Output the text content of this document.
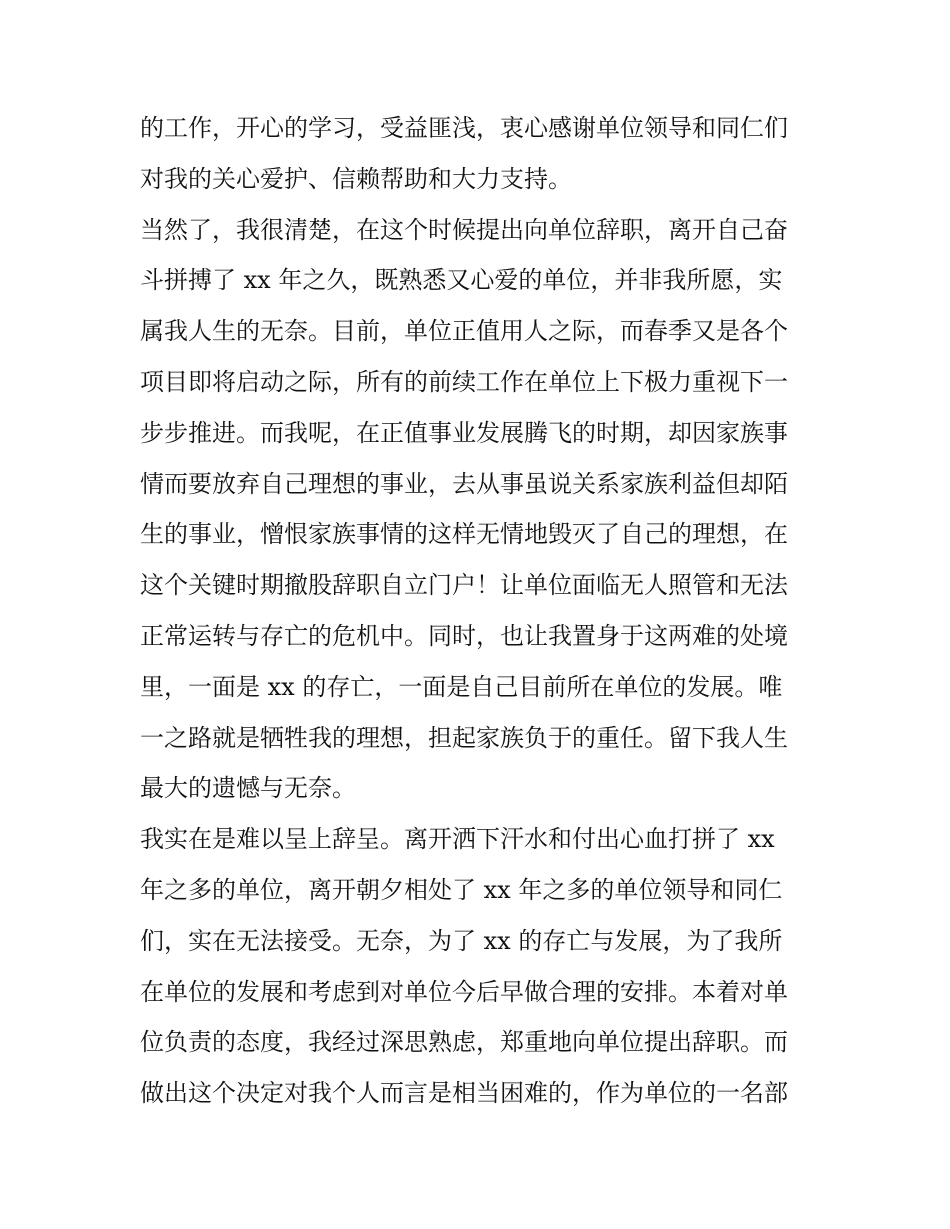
的工作，开心的学习，受益匪浅，衷心感谢单位领导和同仁们
对我的关心爱护、信赖帮助和大力支持。
当然了，我很清楚，在这个时候提出向单位辞职，离开自己奋
斗拼搏了 xx 年之久，既熟悉又心爱的单位，并非我所愿，实
属我人生的无奈。目前，单位正值用人之际，而春季又是各个
项目即将启动之际，所有的前续工作在单位上下极力重视下一
步步推进。而我呢，在正值事业发展腾飞的时期，却因家族事
情而要放弃自己理想的事业，去从事虽说关系家族利益但却陌
生的事业，憎恨家族事情的这样无情地毁灭了自己的理想，在
这个关键时期撤股辞职自立门户！让单位面临无人照管和无法
正常运转与存亡的危机中。同时，也让我置身于这两难的处境
里，一面是 xx 的存亡，一面是自己目前所在单位的发展。唯
一之路就是牺牲我的理想，担起家族负于的重任。留下我人生
最大的遗憾与无奈。
我实在是难以呈上辞呈。离开洒下汗水和付出心血打拼了 xx
年之多的单位，离开朝夕相处了 xx 年之多的单位领导和同仁
们，实在无法接受。无奈，为了 xx 的存亡与发展，为了我所
在单位的发展和考虑到对单位今后早做合理的安排。本着对单
位负责的态度，我经过深思熟虑，郑重地向单位提出辞职。而
做出这个决定对我个人而言是相当困难的，作为单位的一名部
